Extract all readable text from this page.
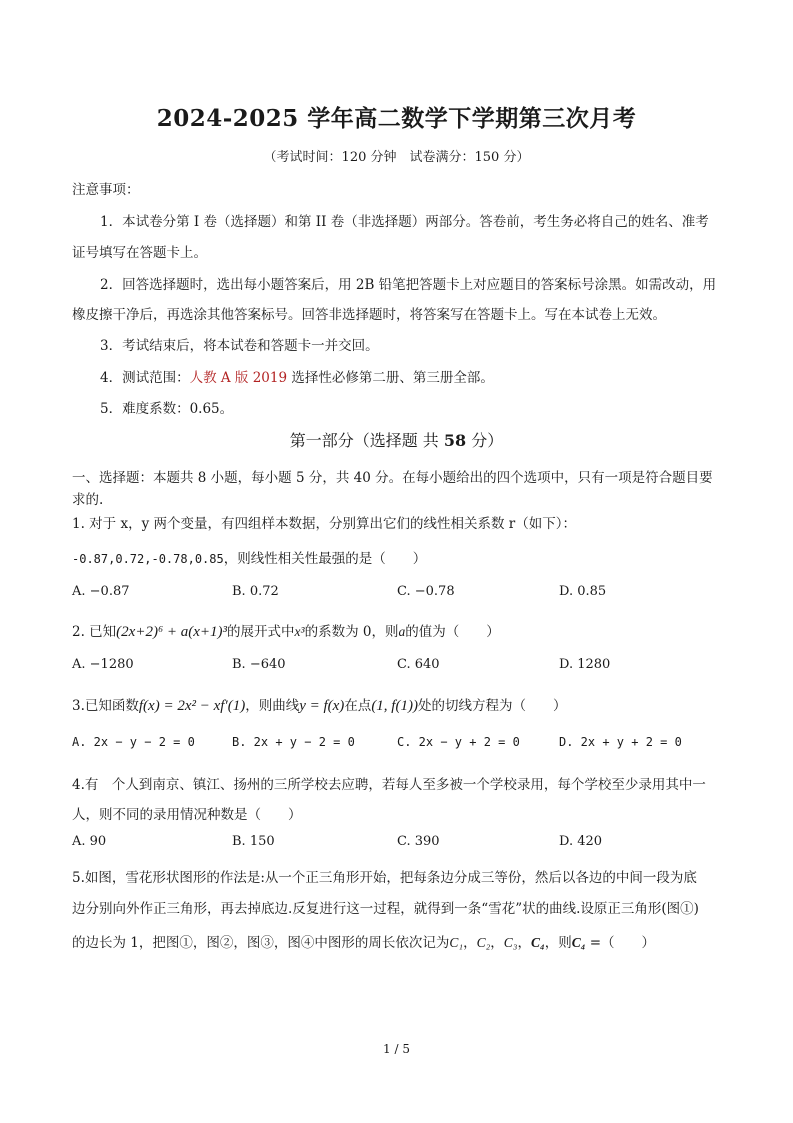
2024-2025 学年高二数学下学期第三次月考
（考试时间：120 分钟　试卷满分：150 分）
注意事项：
1．本试卷分第 I 卷（选择题）和第 II 卷（非选择题）两部分。答卷前，考生务必将自己的姓名、准考
证号填写在答题卡上。
2．回答选择题时，选出每小题答案后，用 2B 铅笔把答题卡上对应题目的答案标号涂黑。如需改动，用
橡皮擦干净后，再选涂其他答案标号。回答非选择题时，将答案写在答题卡上。写在本试卷上无效。
3．考试结束后，将本试卷和答题卡一并交回。
4．测试范围：人教 A 版 2019 选择性必修第二册、第三册全部。
5．难度系数：0.65。
第一部分（选择题 共 58 分）
一、选择题：本题共 8 小题，每小题 5 分，共 40 分。在每小题给出的四个选项中，只有一项是符合题目要
求的.
1. 对于 x，y 两个变量，有四组样本数据，分别算出它们的线性相关系数 r（如下）：
-0.87,0.72,-0.78,0.85，则线性相关性最强的是（　　）
A. −0.87	B. 0.72	C. −0.78	D. 0.85
2. 已知(2x+2)⁶ + a(x+1)³的展开式中x³的系数为 0，则a的值为（　　）
A. −1280	B. −640	C. 640	D. 1280
3.已知函数f(x) = 2x² − xf′(1)，则曲线y = f(x)在点(1, f(1))处的切线方程为（　　）
A. 2x − y − 2 = 0	B. 2x + y − 2 = 0	C. 2x − y + 2 = 0	D. 2x + y + 2 = 0
4.有　个人到南京、镇江、扬州的三所学校去应聘，若每人至多被一个学校录用，每个学校至少录用其中一
人，则不同的录用情况种数是（　　）
A. 90	B. 150	C. 390	D. 420
5.如图，雪花形状图形的作法是:从一个正三角形开始，把每条边分成三等份，然后以各边的中间一段为底
边分别向外作正三角形，再去掉底边.反复进行这一过程，就得到一条“雪花”状的曲线.设原正三角形(图①)
的边长为 1，把图①，图②，图③，图④中图形的周长依次记为C₁，C₂，C₃，C₄，则C₄ =（　　）
1 / 5
